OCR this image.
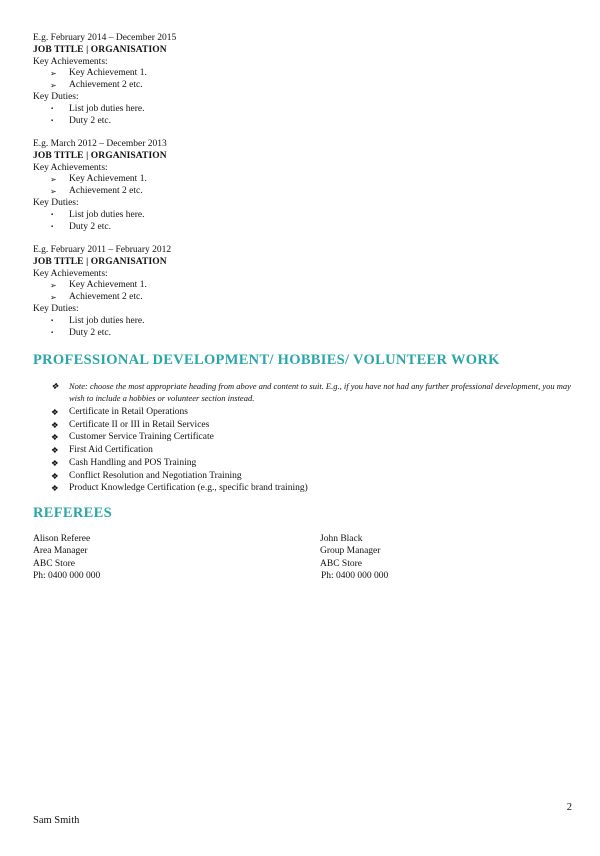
E.g. February 2014 – December 2015
JOB TITLE | ORGANISATION
Key Achievements:
➢ Key Achievement 1.
➢ Achievement 2 etc.
Key Duties:
▪ List job duties here.
▪ Duty 2 etc.
E.g. March 2012 – December 2013
JOB TITLE | ORGANISATION
Key Achievements:
➢ Key Achievement 1.
➢ Achievement 2 etc.
Key Duties:
▪ List job duties here.
▪ Duty 2 etc.
E.g. February 2011 – February 2012
JOB TITLE | ORGANISATION
Key Achievements:
➢ Key Achievement 1.
➢ Achievement 2 etc.
Key Duties:
▪ List job duties here.
▪ Duty 2 etc.
PROFESSIONAL DEVELOPMENT/ HOBBIES/ VOLUNTEER WORK
❖ Note: choose the most appropriate heading from above and content to suit. E.g., if you have not had any further professional development, you may wish to include a hobbies or volunteer section instead.
❖ Certificate in Retail Operations
❖ Certificate II or III in Retail Services
❖ Customer Service Training Certificate
❖ First Aid Certification
❖ Cash Handling and POS Training
❖ Conflict Resolution and Negotiation Training
❖ Product Knowledge Certification (e.g., specific brand training)
REFEREES
Alison Referee
Area Manager
ABC Store
Ph: 0400 000 000
John Black
Group Manager
ABC Store
Ph: 0400 000 000
2
Sam Smith
